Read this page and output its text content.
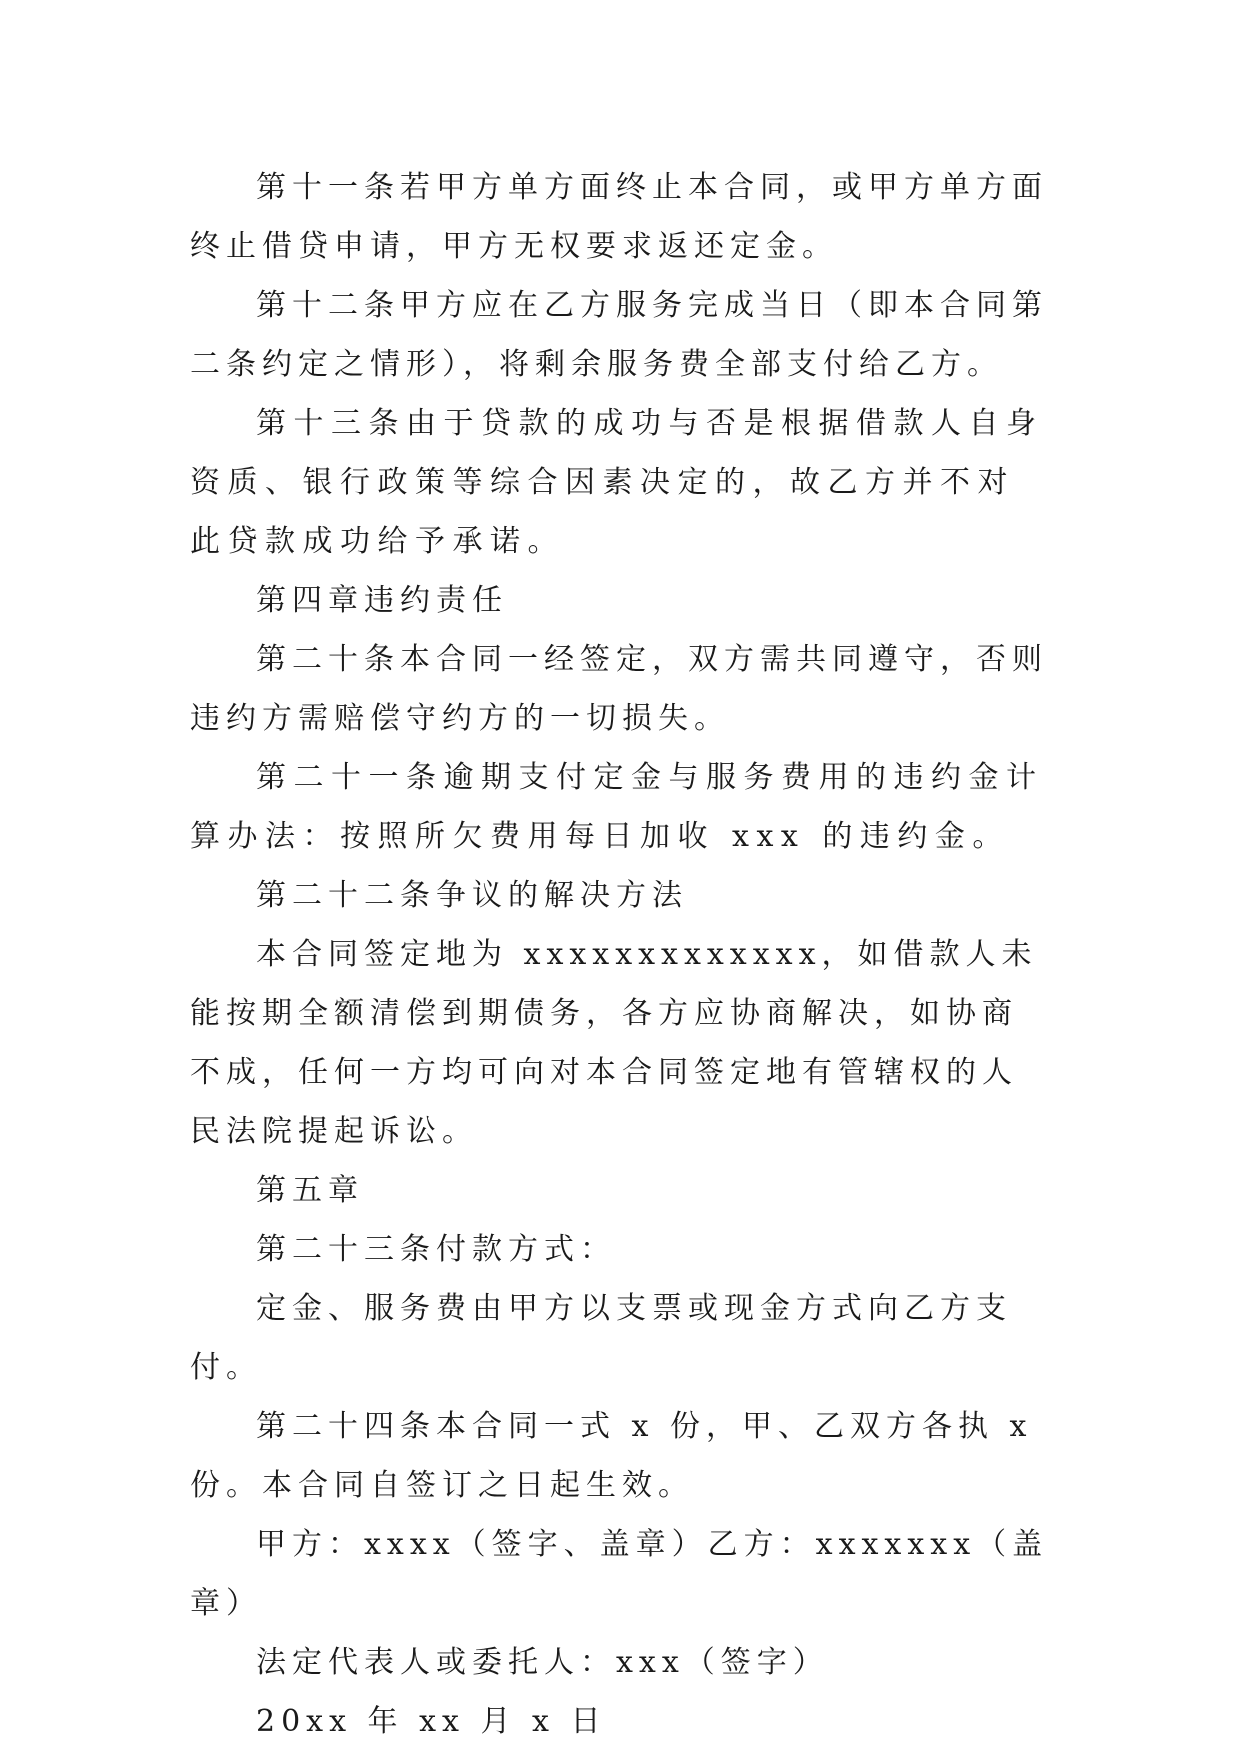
第十一条若甲方单方面终止本合同，或甲方单方面终止借贷申请，甲方无权要求返还定金。

第十二条甲方应在乙方服务完成当日（即本合同第二条约定之情形），将剩余服务费全部支付给乙方。

第十三条由于贷款的成功与否是根据借款人自身资质、银行政策等综合因素决定的，故乙方并不对此贷款成功给予承诺。

第四章违约责任

第二十条本合同一经签定，双方需共同遵守，否则违约方需赔偿守约方的一切损失。

第二十一条逾期支付定金与服务费用的违约金计算办法：按照所欠费用每日加收 xxx 的违约金。

第二十二条争议的解决方法

本合同签定地为 xxxxxxxxxxxxx，如借款人未能按期全额清偿到期债务，各方应协商解决，如协商不成，任何一方均可向对本合同签定地有管辖权的人民法院提起诉讼。

第五章

第二十三条付款方式：

定金、服务费由甲方以支票或现金方式向乙方支付。

第二十四条本合同一式 x 份，甲、乙双方各执 x 份。本合同自签订之日起生效。

甲方：xxxx（签字、盖章）乙方：xxxxxxx（盖章）

法定代表人或委托人：xxx（签字）

20xx 年 xx 月 x 日
